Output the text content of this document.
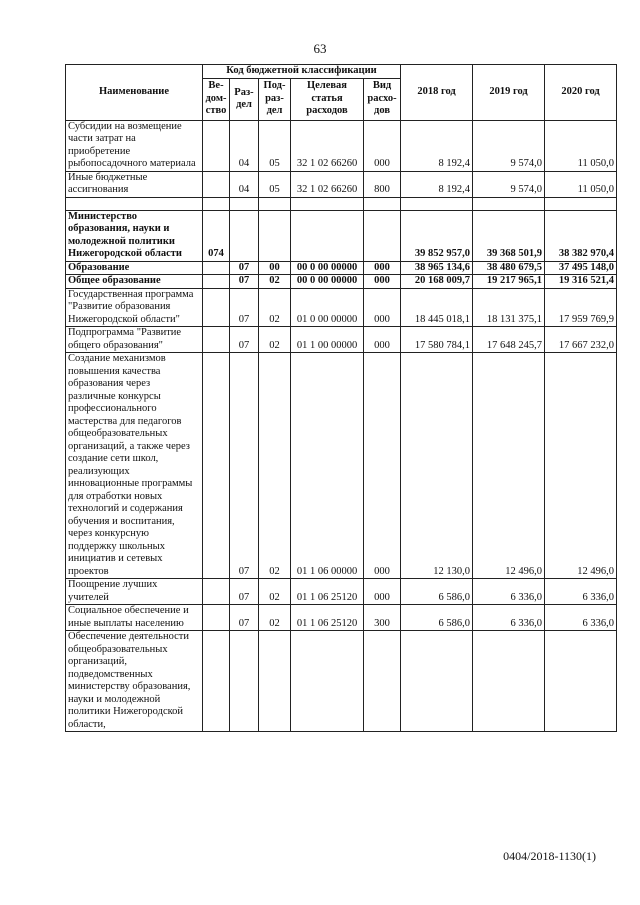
63
Наименование	Код бюджетной классификации					2018 год	2019 год	2020 год
	Ве-дом-ство	Раз-дел	Под-раз-дел	Целевая статья расходов	Вид расхо-дов			
Субсидии на возмещение части затрат на приобретение рыбопосадочного материала		04	05	32 1 02 66260	000	8 192,4	9 574,0	11 050,0
Иные бюджетные ассигнования		04	05	32 1 02 66260	800	8 192,4	9 574,0	11 050,0

Министерство образования, науки и молодежной политики Нижегородской области	074					39 852 957,0	39 368 501,9	38 382 970,4
Образование		07	00	00 0 00 00000	000	38 965 134,6	38 480 679,5	37 495 148,0
Общее образование		07	02	00 0 00 00000	000	20 168 009,7	19 217 965,1	19 316 521,4
Государственная программа "Развитие образования Нижегородской области"		07	02	01 0 00 00000	000	18 445 018,1	18 131 375,1	17 959 769,9
Подпрограмма "Развитие общего образования"		07	02	01 1 00 00000	000	17 580 784,1	17 648 245,7	17 667 232,0
Создание механизмов повышения качества образования через различные конкурсы профессионального мастерства для педагогов общеобразовательных организаций, а также через создание сети школ, реализующих инновационные программы для отработки новых технологий и содержания обучения и воспитания, через конкурсную поддержку школьных инициатив и сетевых проектов		07	02	01 1 06 00000	000	12 130,0	12 496,0	12 496,0
Поощрение лучших учителей		07	02	01 1 06 25120	000	6 586,0	6 336,0	6 336,0
Социальное обеспечение и иные выплаты населению		07	02	01 1 06 25120	300	6 586,0	6 336,0	6 336,0
Обеспечение деятельности общеобразовательных организаций, подведомственных министерству образования, науки и молодежной политики Нижегородской области,								
0404/2018-1130(1)
